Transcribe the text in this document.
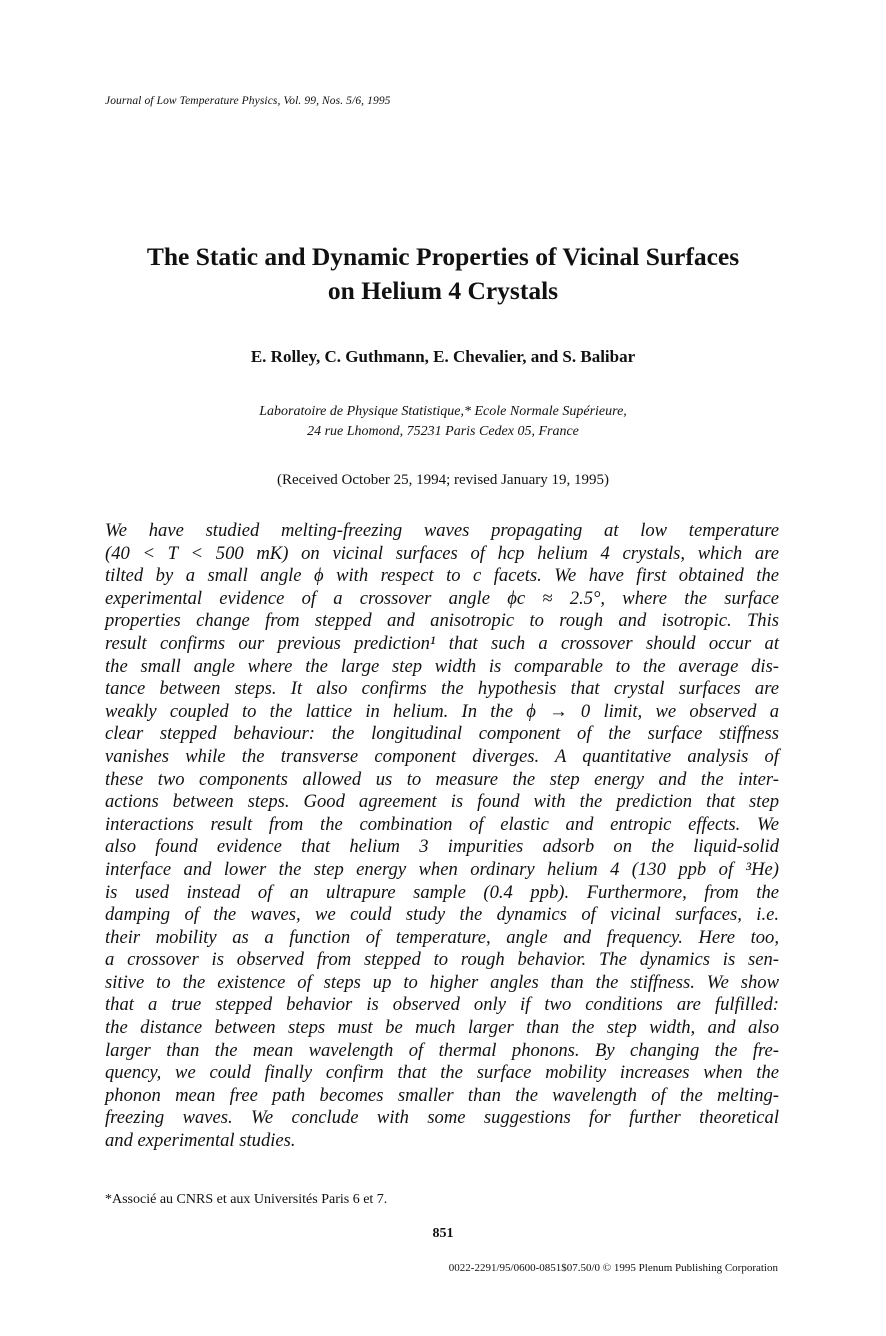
Journal of Low Temperature Physics, Vol. 99, Nos. 5/6, 1995
The Static and Dynamic Properties of Vicinal Surfaces
on Helium 4 Crystals
E. Rolley, C. Guthmann, E. Chevalier, and S. Balibar
Laboratoire de Physique Statistique,* Ecole Normale Supérieure,
24 rue Lhomond, 75231 Paris Cedex 05, France
(Received October 25, 1994; revised January 19, 1995)
We have studied melting-freezing waves propagating at low temperature
(40 < T < 500 mK) on vicinal surfaces of hcp helium 4 crystals, which are
tilted by a small angle ϕ with respect to c facets. We have first obtained the
experimental evidence of a crossover angle ϕc ≈ 2.5°, where the surface
properties change from stepped and anisotropic to rough and isotropic. This
result confirms our previous prediction¹ that such a crossover should occur at
the small angle where the large step width is comparable to the average dis-
tance between steps. It also confirms the hypothesis that crystal surfaces are
weakly coupled to the lattice in helium. In the ϕ → 0 limit, we observed a
clear stepped behaviour: the longitudinal component of the surface stiffness
vanishes while the transverse component diverges. A quantitative analysis of
these two components allowed us to measure the step energy and the inter-
actions between steps. Good agreement is found with the prediction that step
interactions result from the combination of elastic and entropic effects. We
also found evidence that helium 3 impurities adsorb on the liquid-solid
interface and lower the step energy when ordinary helium 4 (130 ppb of ³He)
is used instead of an ultrapure sample (0.4 ppb). Furthermore, from the
damping of the waves, we could study the dynamics of vicinal surfaces, i.e.
their mobility as a function of temperature, angle and frequency. Here too,
a crossover is observed from stepped to rough behavior. The dynamics is sen-
sitive to the existence of steps up to higher angles than the stiffness. We show
that a true stepped behavior is observed only if two conditions are fulfilled:
the distance between steps must be much larger than the step width, and also
larger than the mean wavelength of thermal phonons. By changing the fre-
quency, we could finally confirm that the surface mobility increases when the
phonon mean free path becomes smaller than the wavelength of the melting-
freezing waves. We conclude with some suggestions for further theoretical
and experimental studies.
*Associé au CNRS et aux Universités Paris 6 et 7.
851
0022-2291/95/0600-0851$07.50/0 © 1995 Plenum Publishing Corporation
